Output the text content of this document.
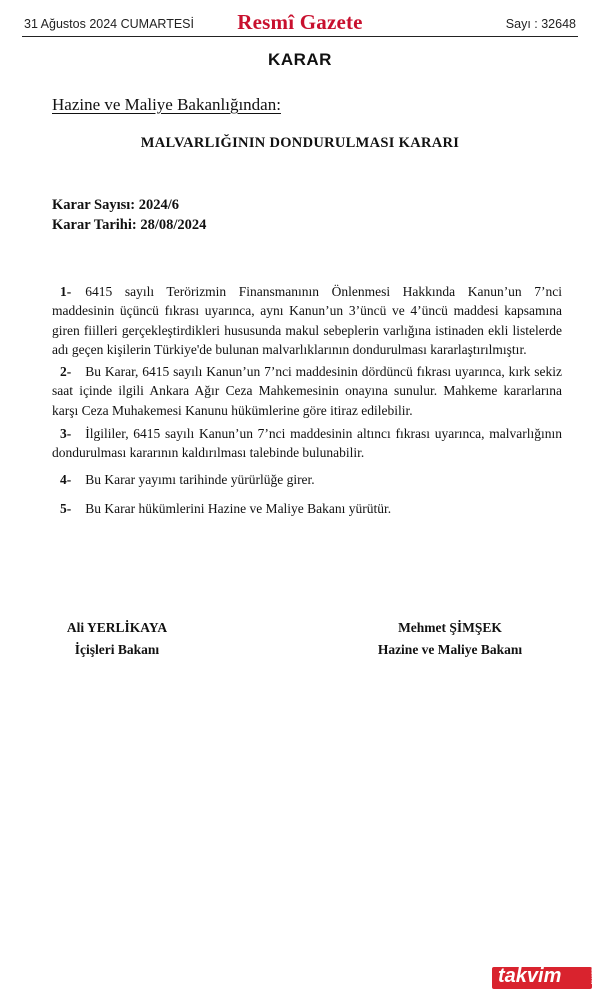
31 Ağustos 2024 CUMARTESİ	Resmî Gazete	Sayı : 32648
KARAR
Hazine ve Maliye Bakanlığından:
MALVARLIĞININ DONDURULMASI KARARI
Karar Sayısı: 2024/6
Karar Tarihi: 28/08/2024

1- 6415 sayılı Terörizmin Finansmanının Önlenmesi Hakkında Kanun’un 7’nci maddesinin üçüncü fıkrası uyarınca, aynı Kanun’un 3’üncü ve 4’üncü maddesi kapsamına giren fiilleri gerçekleştirdikleri hususunda makul sebeplerin varlığına istinaden ekli listelerde adı geçen kişilerin Türkiye'de bulunan malvarlıklarının dondurulması kararlaştırılmıştır.

2- Bu Karar, 6415 sayılı Kanun’un 7’nci maddesinin dördüncü fıkrası uyarınca, kırk sekiz saat içinde ilgili Ankara Ağır Ceza Mahkemesinin onayına sunulur. Mahkeme kararlarına karşı Ceza Muhakemesi Kanunu hükümlerine göre itiraz edilebilir.

3- İlgililer, 6415 sayılı Kanun’un 7’nci maddesinin altıncı fıkrası uyarınca, malvarlığının dondurulması kararının kaldırılması talebinde bulunabilir.

4- Bu Karar yayımı tarihinde yürürlüğe girer.

5- Bu Karar hükümlerini Hazine ve Maliye Bakanı yürütür.

Ali YERLİKAYA
İçişleri Bakanı
Mehmet ŞİMŞEK
Hazine ve Maliye Bakanı
takvim	com.tr
